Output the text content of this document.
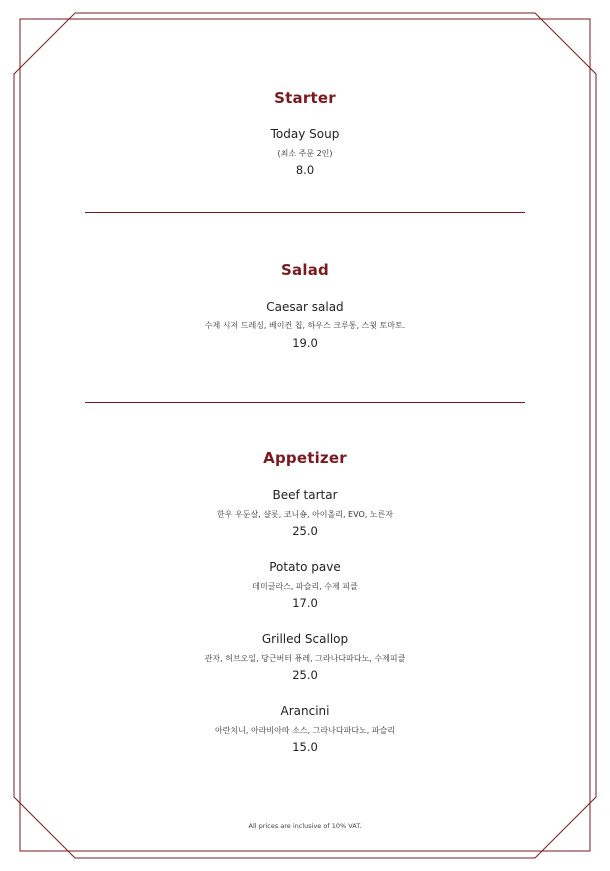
Starter
Today Soup
(최소 주문 2인)
8.0
Salad
Caesar salad
수제 시저 드레싱, 베이컨 칩, 하우스 크루통, 스윗 토마토.
19.0
Appetizer
Beef tartar
한우 우둔살, 샬롯, 코니숑, 아이올리, EVO, 노른자
25.0
Potato pave
데미글라스, 파슬리, 수제 피클
17.0
Grilled Scallop
관자, 허브오일, 당근버터 퓨레, 그라나다파다노, 수제피클
25.0
Arancini
아란치니, 아라비아따 소스, 그라나다파다노, 파슬리
15.0
All prices are inclusive of 10% VAT.
